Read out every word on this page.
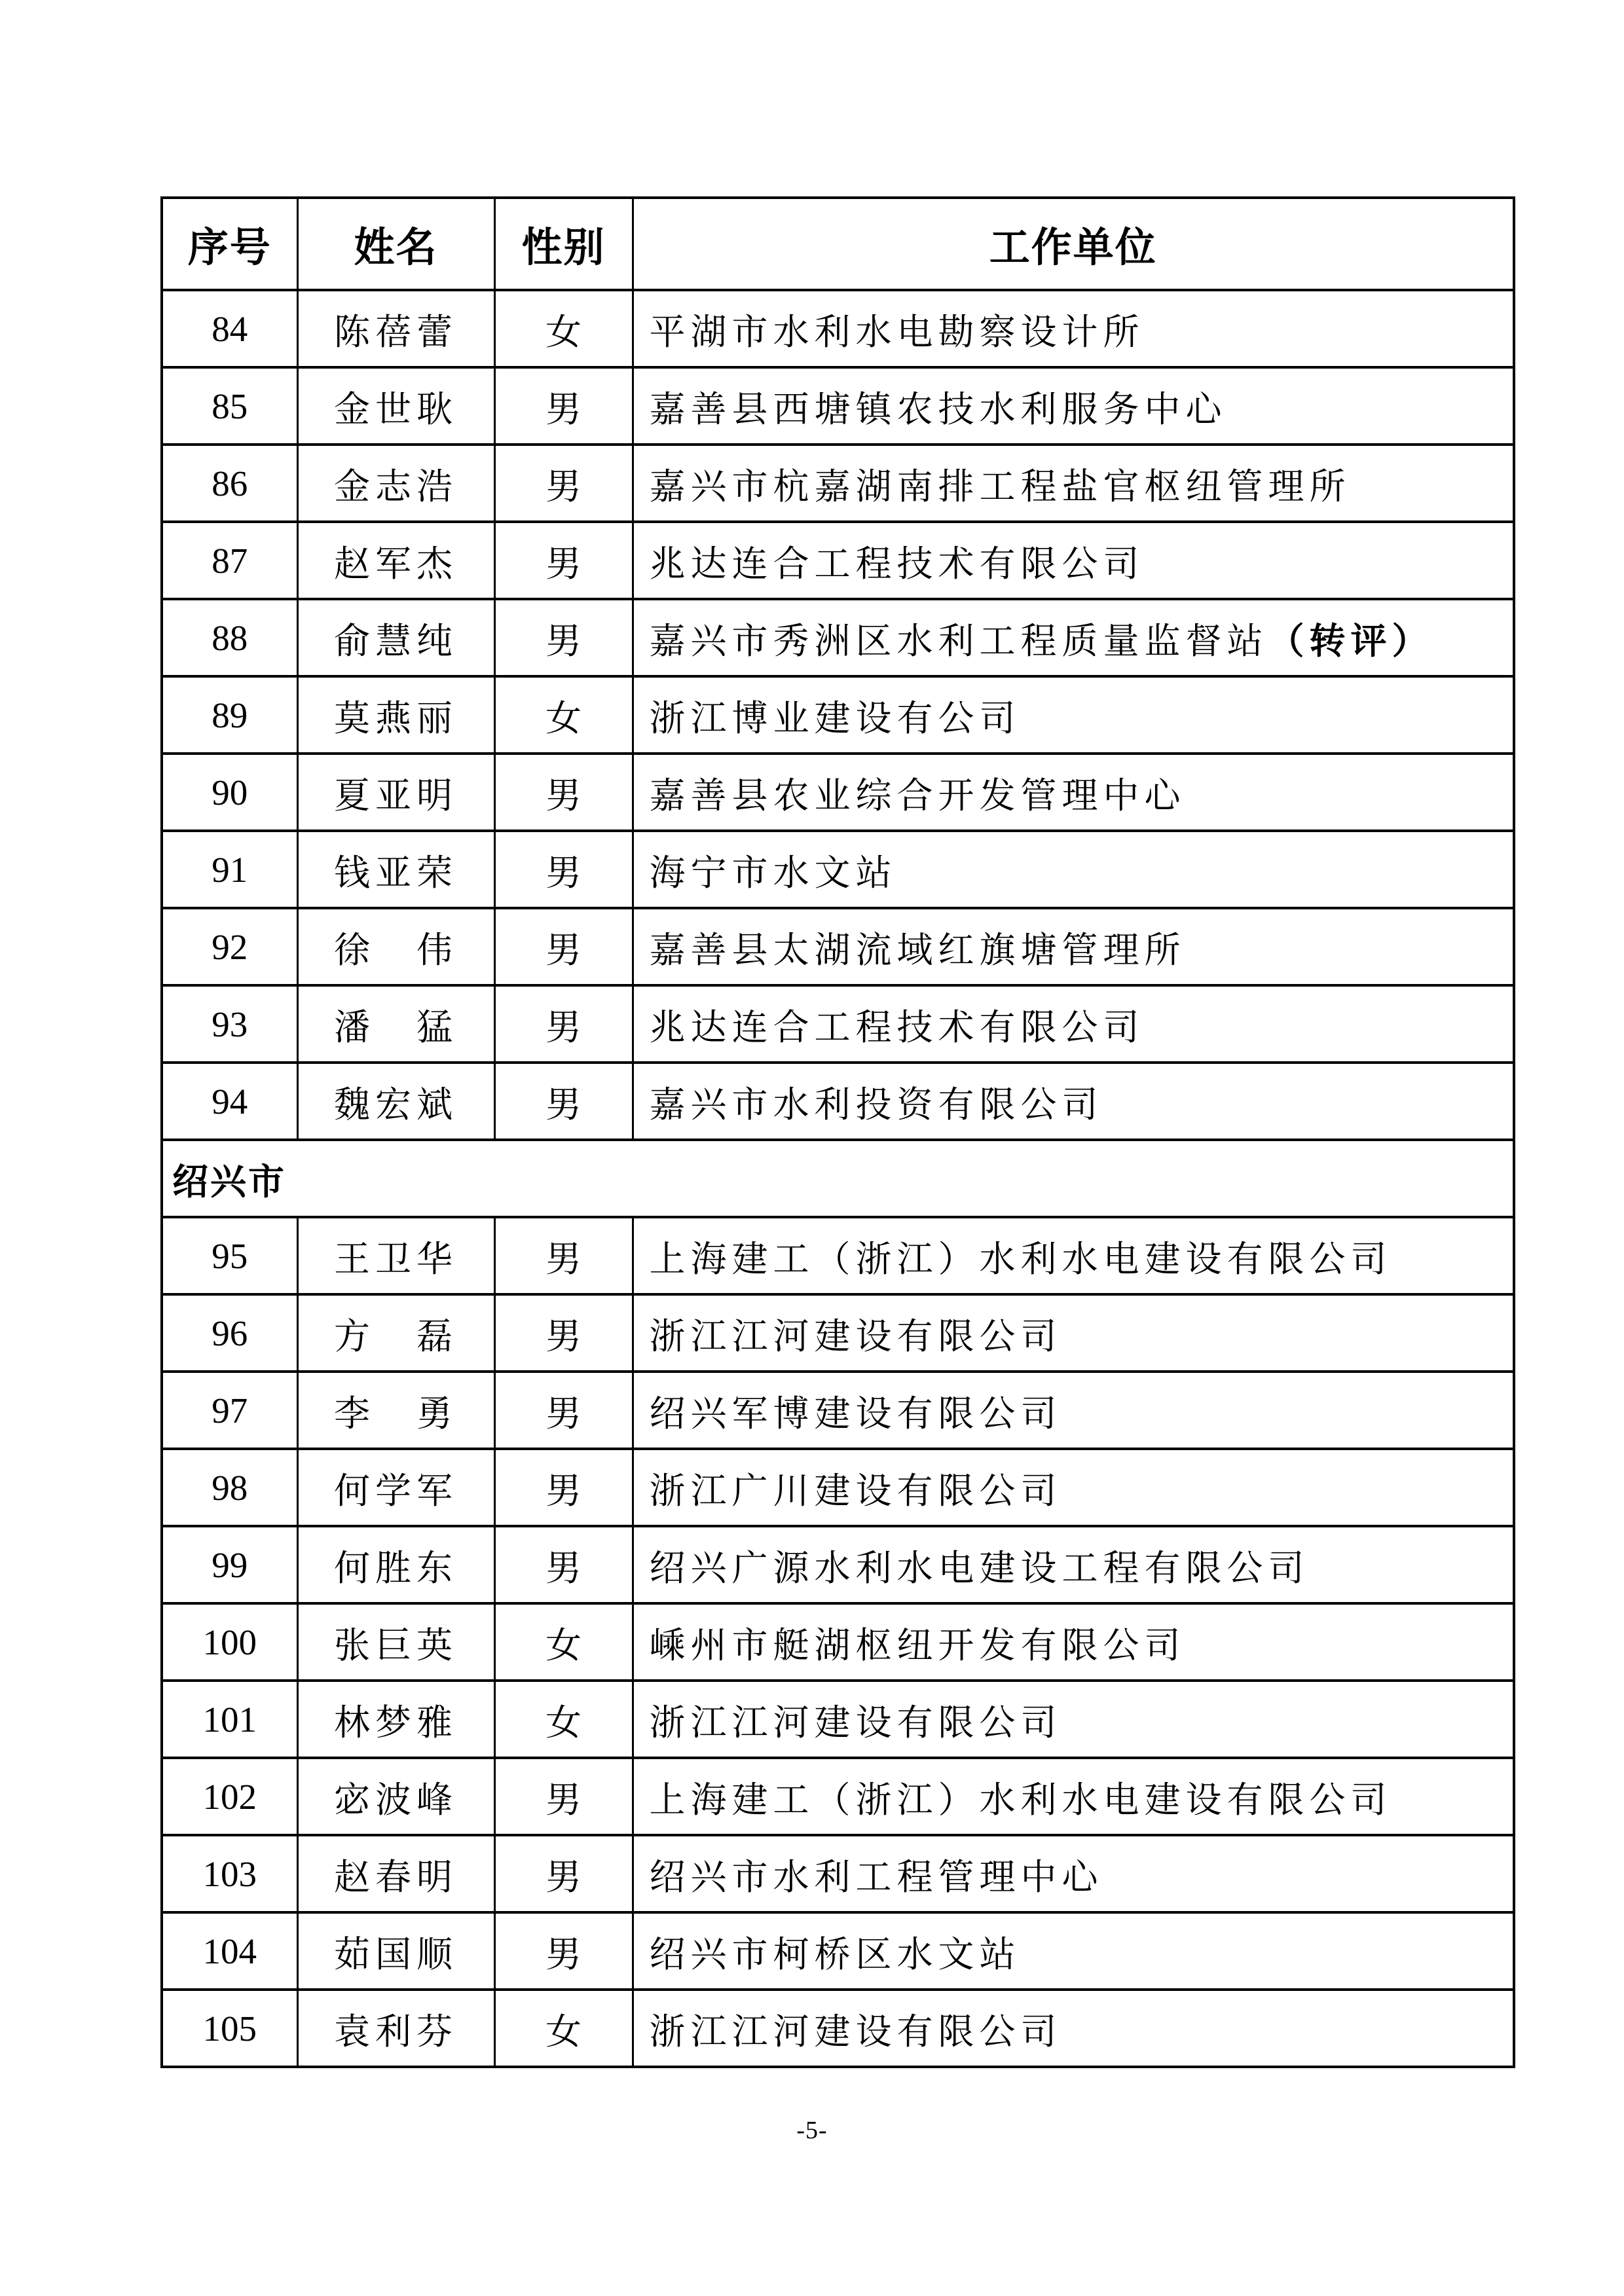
序号	姓名	性别	工作单位
84	陈蓓蕾	女	平湖市水利水电勘察设计所
85	金世耿	男	嘉善县西塘镇农技水利服务中心
86	金志浩	男	嘉兴市杭嘉湖南排工程盐官枢纽管理所
87	赵军杰	男	兆达连合工程技术有限公司
88	俞慧纯	男	嘉兴市秀洲区水利工程质量监督站（转评）
89	莫燕丽	女	浙江博业建设有公司
90	夏亚明	男	嘉善县农业综合开发管理中心
91	钱亚荣	男	海宁市水文站
92	徐　伟	男	嘉善县太湖流域红旗塘管理所
93	潘　猛	男	兆达连合工程技术有限公司
94	魏宏斌	男	嘉兴市水利投资有限公司
绍兴市			
95	王卫华	男	上海建工（浙江）水利水电建设有限公司
96	方　磊	男	浙江江河建设有限公司
97	李　勇	男	绍兴军博建设有限公司
98	何学军	男	浙江广川建设有限公司
99	何胜东	男	绍兴广源水利水电建设工程有限公司
100	张巨英	女	嵊州市艇湖枢纽开发有限公司
101	林梦雅	女	浙江江河建设有限公司
102	宓波峰	男	上海建工（浙江）水利水电建设有限公司
103	赵春明	男	绍兴市水利工程管理中心
104	茹国顺	男	绍兴市柯桥区水文站
105	袁利芬	女	浙江江河建设有限公司
-5-
